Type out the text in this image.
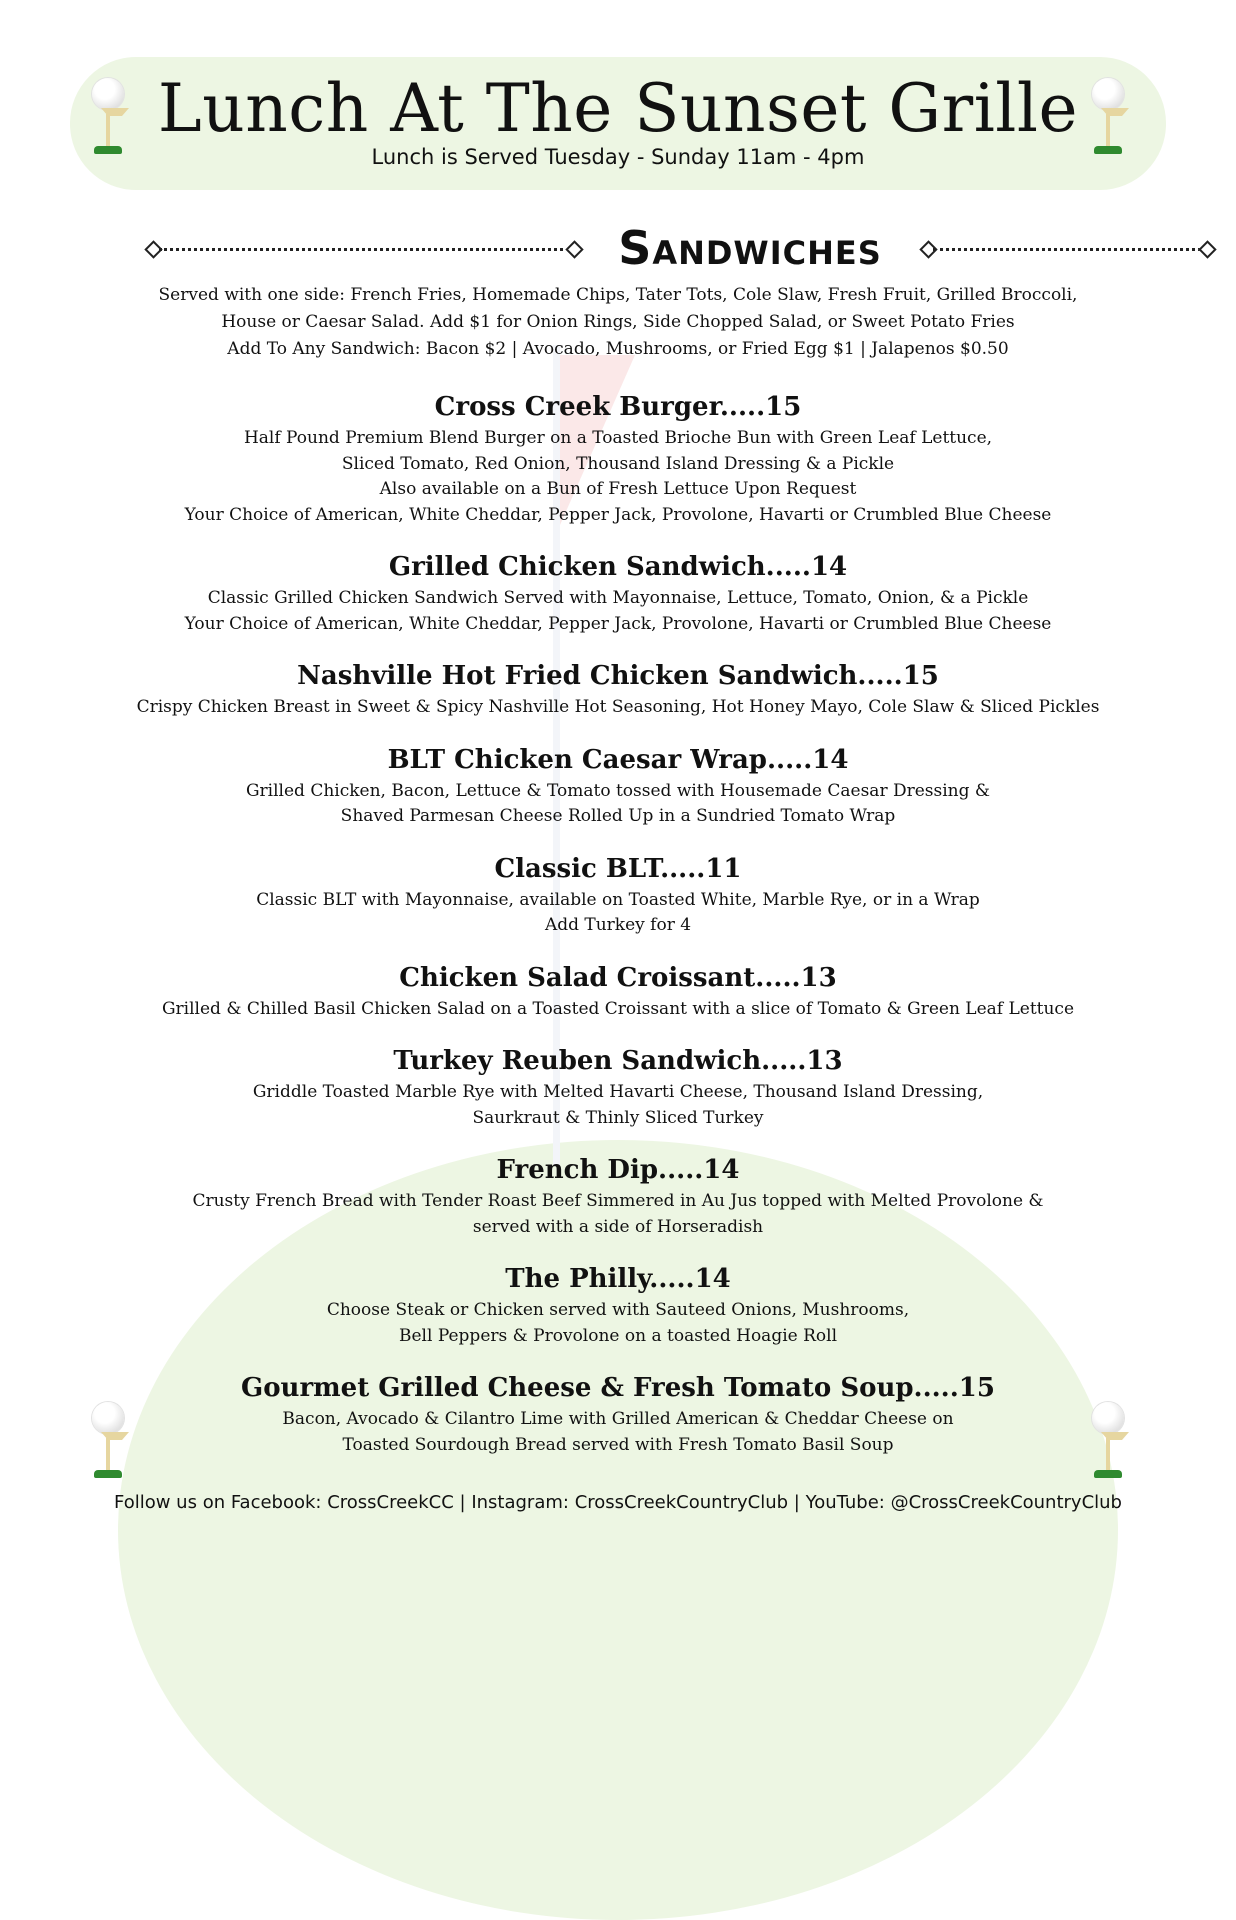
Lunch At The Sunset Grille
Lunch is Served Tuesday - Sunday 11am - 4pm
Sandwiches
Served with one side: French Fries, Homemade Chips, Tater Tots, Cole Slaw, Fresh Fruit, Grilled Broccoli,
House or Caesar Salad. Add $1 for Onion Rings, Side Chopped Salad, or Sweet Potato Fries
Add To Any Sandwich: Bacon $2 | Avocado, Mushrooms, or Fried Egg $1 | Jalapenos $0.50
Cross Creek Burger.....15

Half Pound Premium Blend Burger on a Toasted Brioche Bun with Green Leaf Lettuce,

Sliced Tomato, Red Onion, Thousand Island Dressing & a Pickle

Also available on a Bun of Fresh Lettuce Upon Request

Your Choice of American, White Cheddar, Pepper Jack, Provolone, Havarti or Crumbled Blue Cheese

Grilled Chicken Sandwich.....14

Classic Grilled Chicken Sandwich Served with Mayonnaise, Lettuce, Tomato, Onion, & a Pickle

Your Choice of American, White Cheddar, Pepper Jack, Provolone, Havarti or Crumbled Blue Cheese

Nashville Hot Fried Chicken Sandwich.....15

Crispy Chicken Breast in Sweet & Spicy Nashville Hot Seasoning, Hot Honey Mayo, Cole Slaw & Sliced Pickles

BLT Chicken Caesar Wrap.....14

Grilled Chicken, Bacon, Lettuce & Tomato tossed with Housemade Caesar Dressing &

Shaved Parmesan Cheese Rolled Up in a Sundried Tomato Wrap

Classic BLT.....11

Classic BLT with Mayonnaise, available on Toasted White, Marble Rye, or in a Wrap

Add Turkey for 4

Chicken Salad Croissant.....13

Grilled & Chilled Basil Chicken Salad on a Toasted Croissant with a slice of Tomato & Green Leaf Lettuce

Turkey Reuben Sandwich.....13

Griddle Toasted Marble Rye with Melted Havarti Cheese, Thousand Island Dressing,

Saurkraut & Thinly Sliced Turkey

French Dip.....14

Crusty French Bread with Tender Roast Beef Simmered in Au Jus topped with Melted Provolone &

served with a side of Horseradish

The Philly.....14

Choose Steak or Chicken served with Sauteed Onions, Mushrooms,

Bell Peppers & Provolone on a toasted Hoagie Roll

Gourmet Grilled Cheese & Fresh Tomato Soup.....15

Bacon, Avocado & Cilantro Lime with Grilled American & Cheddar Cheese on

Toasted Sourdough Bread served with Fresh Tomato Basil Soup

Follow us on Facebook: CrossCreekCC | Instagram: CrossCreekCountryClub | YouTube: @CrossCreekCountryClub
